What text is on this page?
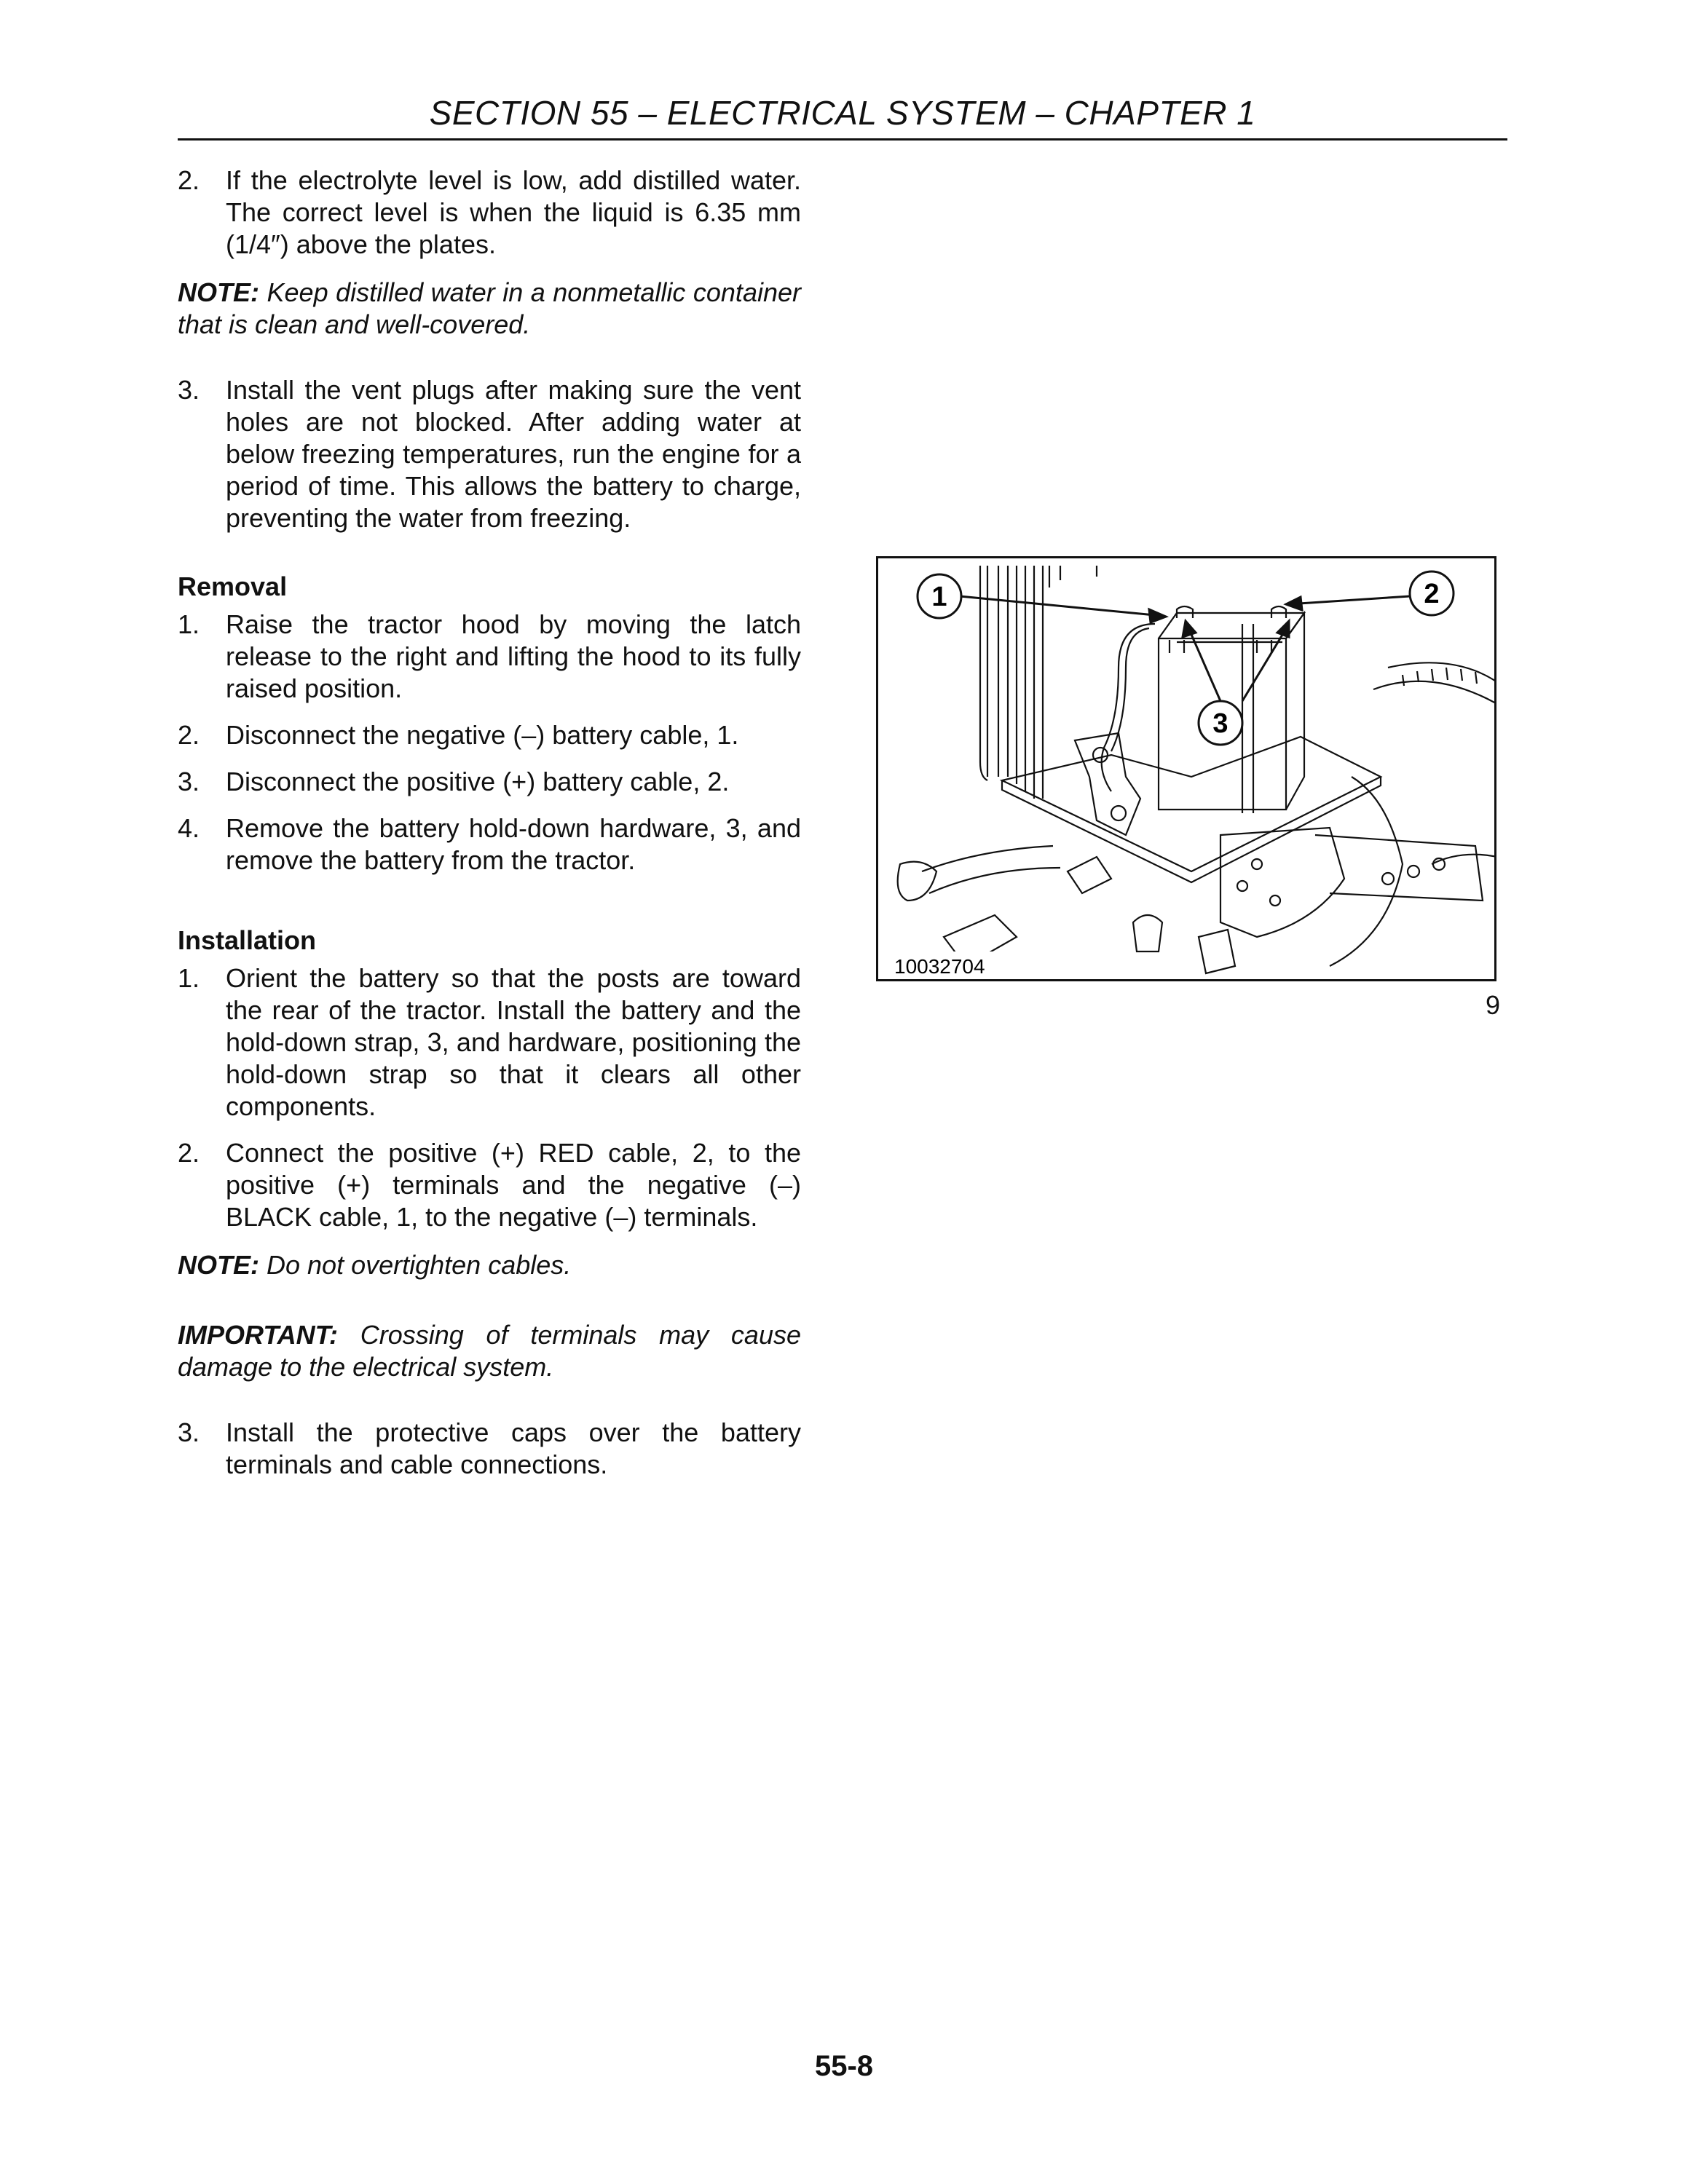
SECTION 55 – ELECTRICAL SYSTEM – CHAPTER 1
2. If the electrolyte level is low, add distilled water. The correct level is when the liquid is 6.35 mm (1/4″) above the plates.

NOTE: Keep distilled water in a nonmetallic container that is clean and well-covered.

3. Install the vent plugs after making sure the vent holes are not blocked. After adding water at below freezing temperatures, run the engine for a period of time. This allows the battery to charge, preventing the water from freezing.
Removal
1. Raise the tractor hood by moving the latch release to the right and lifting the hood to its fully raised position.
2. Disconnect the negative (–) battery cable, 1.
3. Disconnect the positive (+) battery cable, 2.
4. Remove the battery hold-down hardware, 3, and remove the battery from the tractor.
Installation
1. Orient the battery so that the posts are toward the rear of the tractor. Install the battery and the hold-down strap, 3, and hardware, positioning the hold-down strap so that it clears all other components.
2. Connect the positive (+) RED cable, 2, to the positive (+) terminals and the negative (–) BLACK cable, 1, to the negative (–) terminals.

NOTE: Do not overtighten cables.

IMPORTANT: Crossing of terminals may cause damage to the electrical system.

3. Install the protective caps over the battery terminals and cable connections.
1	2
3
10032704
9
55-8
